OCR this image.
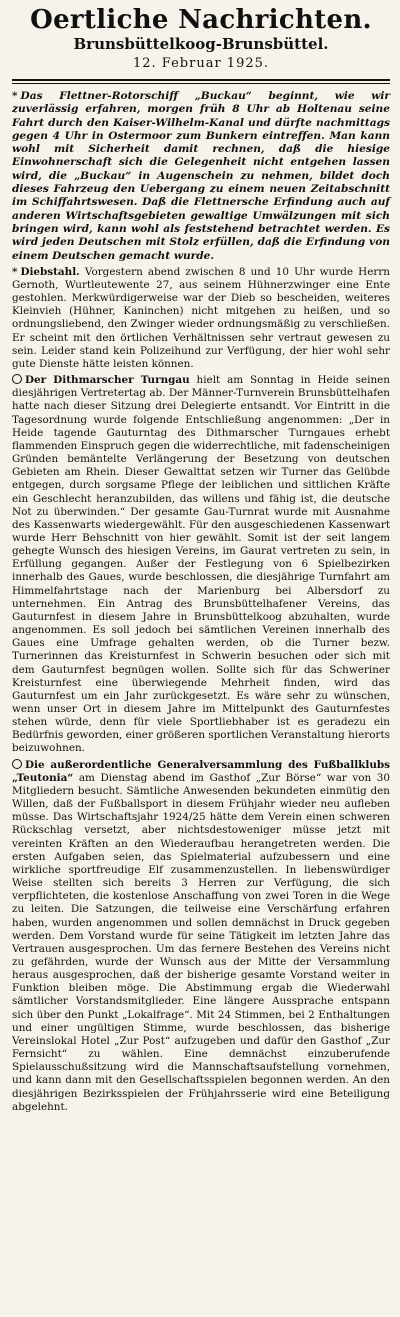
Oertliche Nachrichten.
Brunsbüttelkoog-Brunsbüttel.
12. Februar 1925.

* Das Flettner-Rotorschiff „Buckau“ beginnt, wie wir zuverlässig erfahren, morgen früh 8 Uhr ab Holtenau seine Fahrt durch den Kaiser-Wilhelm-Kanal und dürfte nachmittags gegen 4 Uhr in Ostermoor zum Bunkern eintreffen. Man kann wohl mit Sicherheit damit rechnen, daß die hiesige Einwohnerschaft sich die Gelegenheit nicht entgehen lassen wird, die „Buckau“ in Augenschein zu nehmen, bildet doch dieses Fahrzeug den Uebergang zu einem neuen Zeitabschnitt im Schiffahrtswesen. Daß die Flettnersche Erfindung auch auf anderen Wirtschaftsgebieten gewaltige Umwälzungen mit sich bringen wird, kann wohl als feststehend betrachtet werden. Es wird jeden Deutschen mit Stolz erfüllen, daß die Erfindung von einem Deutschen gemacht wurde.

* Diebstahl. Vorgestern abend zwischen 8 und 10 Uhr wurde Herrn Gernoth, Wurtleutewente 27, aus seinem Hühnerzwinger eine Ente gestohlen. Merkwürdigerweise war der Dieb so bescheiden, weiteres Kleinvieh (Hühner, Kaninchen) nicht mitgehen zu heißen, und so ordnungsliebend, den Zwinger wieder ordnungsmäßig zu verschließen. Er scheint mit den örtlichen Verhältnissen sehr vertraut gewesen zu sein. Leider stand kein Polizeihund zur Verfügung, der hier wohl sehr gute Dienste hätte leisten können.

Der Dithmarscher Turngau hielt am Sonntag in Heide seinen diesjährigen Vertretertag ab. Der Männer-Turnverein Brunsbüttelhafen hatte nach dieser Sitzung drei Delegierte entsandt. Vor Eintritt in die Tagesordnung wurde folgende Entschließung angenommen: „Der in Heide tagende Gauturntag des Dithmarscher Turngaues erhebt flammenden Einspruch gegen die widerrechtliche, mit fadenscheinigen Gründen bemäntelte Verlängerung der Besetzung von deutschen Gebieten am Rhein. Dieser Gewalttat setzen wir Turner das Gelübde entgegen, durch sorgsame Pflege der leiblichen und sittlichen Kräfte ein Geschlecht heranzubilden, das willens und fähig ist, die deutsche Not zu überwinden.“ Der gesamte Gau-Turnrat wurde mit Ausnahme des Kassenwarts wiedergewählt. Für den ausgeschiedenen Kassenwart wurde Herr Behschnitt von hier gewählt. Somit ist der seit langem gehegte Wunsch des hiesigen Vereins, im Gaurat vertreten zu sein, in Erfüllung gegangen. Außer der Festlegung von 6 Spielbezirken innerhalb des Gaues, wurde beschlossen, die diesjährige Turnfahrt am Himmelfahrtstage nach der Marienburg bei Albersdorf zu unternehmen. Ein Antrag des Brunsbüttelhafener Vereins, das Gauturnfest in diesem Jahre in Brunsbüttelkoog abzuhalten, wurde angenommen. Es soll jedoch bei sämtlichen Vereinen innerhalb des Gaues eine Umfrage gehalten werden, ob die Turner bezw. Turnerinnen das Kreisturnfest in Schwerin besuchen oder sich mit dem Gauturnfest begnügen wollen. Sollte sich für das Schweriner Kreisturnfest eine überwiegende Mehrheit finden, wird das Gauturnfest um ein Jahr zurückgesetzt. Es wäre sehr zu wünschen, wenn unser Ort in diesem Jahre im Mittelpunkt des Gauturnfestes stehen würde, denn für viele Sportliebhaber ist es geradezu ein Bedürfnis geworden, einer größeren sportlichen Veranstaltung hierorts beizuwohnen.

Die außerordentliche Generalversammlung des Fußballklubs „Teutonia“ am Dienstag abend im Gasthof „Zur Börse“ war von 30 Mitgliedern besucht. Sämtliche Anwesenden bekundeten einmütig den Willen, daß der Fußballsport in diesem Frühjahr wieder neu aufleben müsse. Das Wirtschaftsjahr 1924/25 hätte dem Verein einen schweren Rückschlag versetzt, aber nichtsdestoweniger müsse jetzt mit vereinten Kräften an den Wiederaufbau herangetreten werden. Die ersten Aufgaben seien, das Spielmaterial aufzubessern und eine wirkliche sportfreudige Elf zusammenzustellen. In liebenswürdiger Weise stellten sich bereits 3 Herren zur Verfügung, die sich verpflichteten, die kostenlose Anschaffung von zwei Toren in die Wege zu leiten. Die Satzungen, die teilweise eine Verschärfung erfahren haben, wurden angenommen und sollen demnächst in Druck gegeben werden. Dem Vorstand wurde für seine Tätigkeit im letzten Jahre das Vertrauen ausgesprochen. Um das fernere Bestehen des Vereins nicht zu gefährden, wurde der Wunsch aus der Mitte der Versammlung heraus ausgesprochen, daß der bisherige gesamte Vorstand weiter in Funktion bleiben möge. Die Abstimmung ergab die Wiederwahl sämtlicher Vorstandsmitglieder. Eine längere Aussprache entspann sich über den Punkt „Lokalfrage“. Mit 24 Stimmen, bei 2 Enthaltungen und einer ungültigen Stimme, wurde beschlossen, das bisherige Vereinslokal Hotel „Zur Post“ aufzugeben und dafür den Gasthof „Zur Fernsicht“ zu wählen. Eine demnächst einzuberufende Spielausschußsitzung wird die Mannschaftsaufstellung vornehmen, und kann dann mit den Gesellschaftsspielen begonnen werden. An den diesjährigen Bezirksspielen der Frühjahrsserie wird eine Beteiligung abgelehnt.
